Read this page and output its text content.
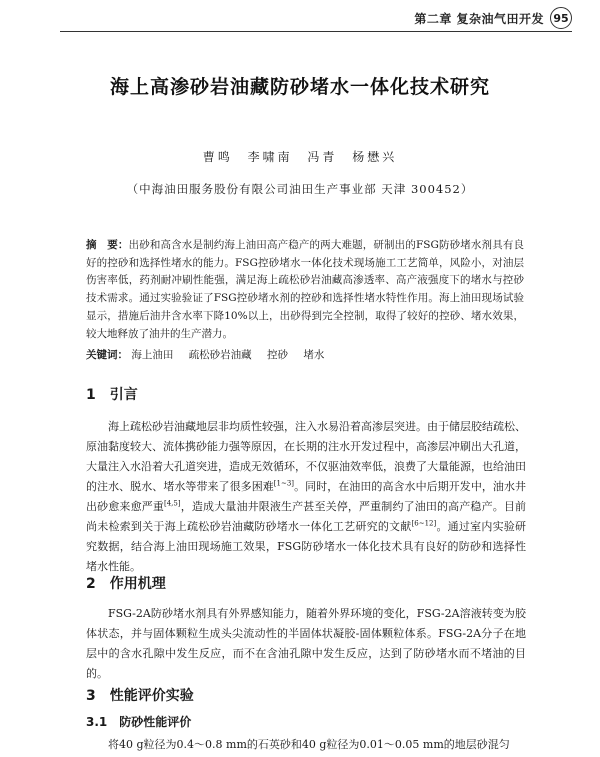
第二章 复杂油气田开发 95
海上高渗砂岩油藏防砂堵水一体化技术研究
曹鸣 李啸南 冯青 杨懋兴
（中海油田服务股份有限公司油田生产事业部 天津 300452）
摘　要：出砂和高含水是制约海上油田高产稳产的两大难题，研制出的FSG防砂堵水剂具有良好的控砂和选择性堵水的能力。FSG控砂堵水一体化技术现场施工工艺简单，风险小，对油层伤害率低，药剂耐冲刷性能强，满足海上疏松砂岩油藏高渗透率、高产液强度下的堵水与控砂技术需求。通过实验验证了FSG控砂堵水剂的控砂和选择性堵水特性作用。海上油田现场试验显示，措施后油井含水率下降10%以上，出砂得到完全控制，取得了较好的控砂、堵水效果，较大地释放了油井的生产潜力。
关键词： 海上油田 疏松砂岩油藏 控砂 堵水
1 引言
海上疏松砂岩油藏地层非均质性较强，注入水易沿着高渗层突进。由于储层胶结疏松、原油黏度较大、流体携砂能力强等原因，在长期的注水开发过程中，高渗层冲刷出大孔道，大量注入水沿着大孔道突进，造成无效循环，不仅驱油效率低，浪费了大量能源，也给油田的注水、脱水、堵水等带来了很多困难[1~3]。同时，在油田的高含水中后期开发中，油水井出砂愈来愈严重[4,5]，造成大量油井限液生产甚至关停，严重制约了油田的高产稳产。目前尚未检索到关于海上疏松砂岩油藏防砂堵水一体化工艺研究的文献[6~12]。通过室内实验研究数据，结合海上油田现场施工效果，FSG防砂堵水一体化技术具有良好的防砂和选择性堵水性能。
2 作用机理
FSG-2A防砂堵水剂具有外界感知能力，随着外界环境的变化，FSG-2A溶液转变为胶体状态，并与固体颗粒生成头尖流动性的半固体状凝胶-固体颗粒体系。FSG-2A分子在地层中的含水孔隙中发生反应，而不在含油孔隙中发生反应，达到了防砂堵水而不堵油的目的。
3 性能评价实验
3.1 防砂性能评价
将40 g粒径为0.4～0.8 mm的石英砂和40 g粒径为0.01～0.05 mm的地层砂混匀
